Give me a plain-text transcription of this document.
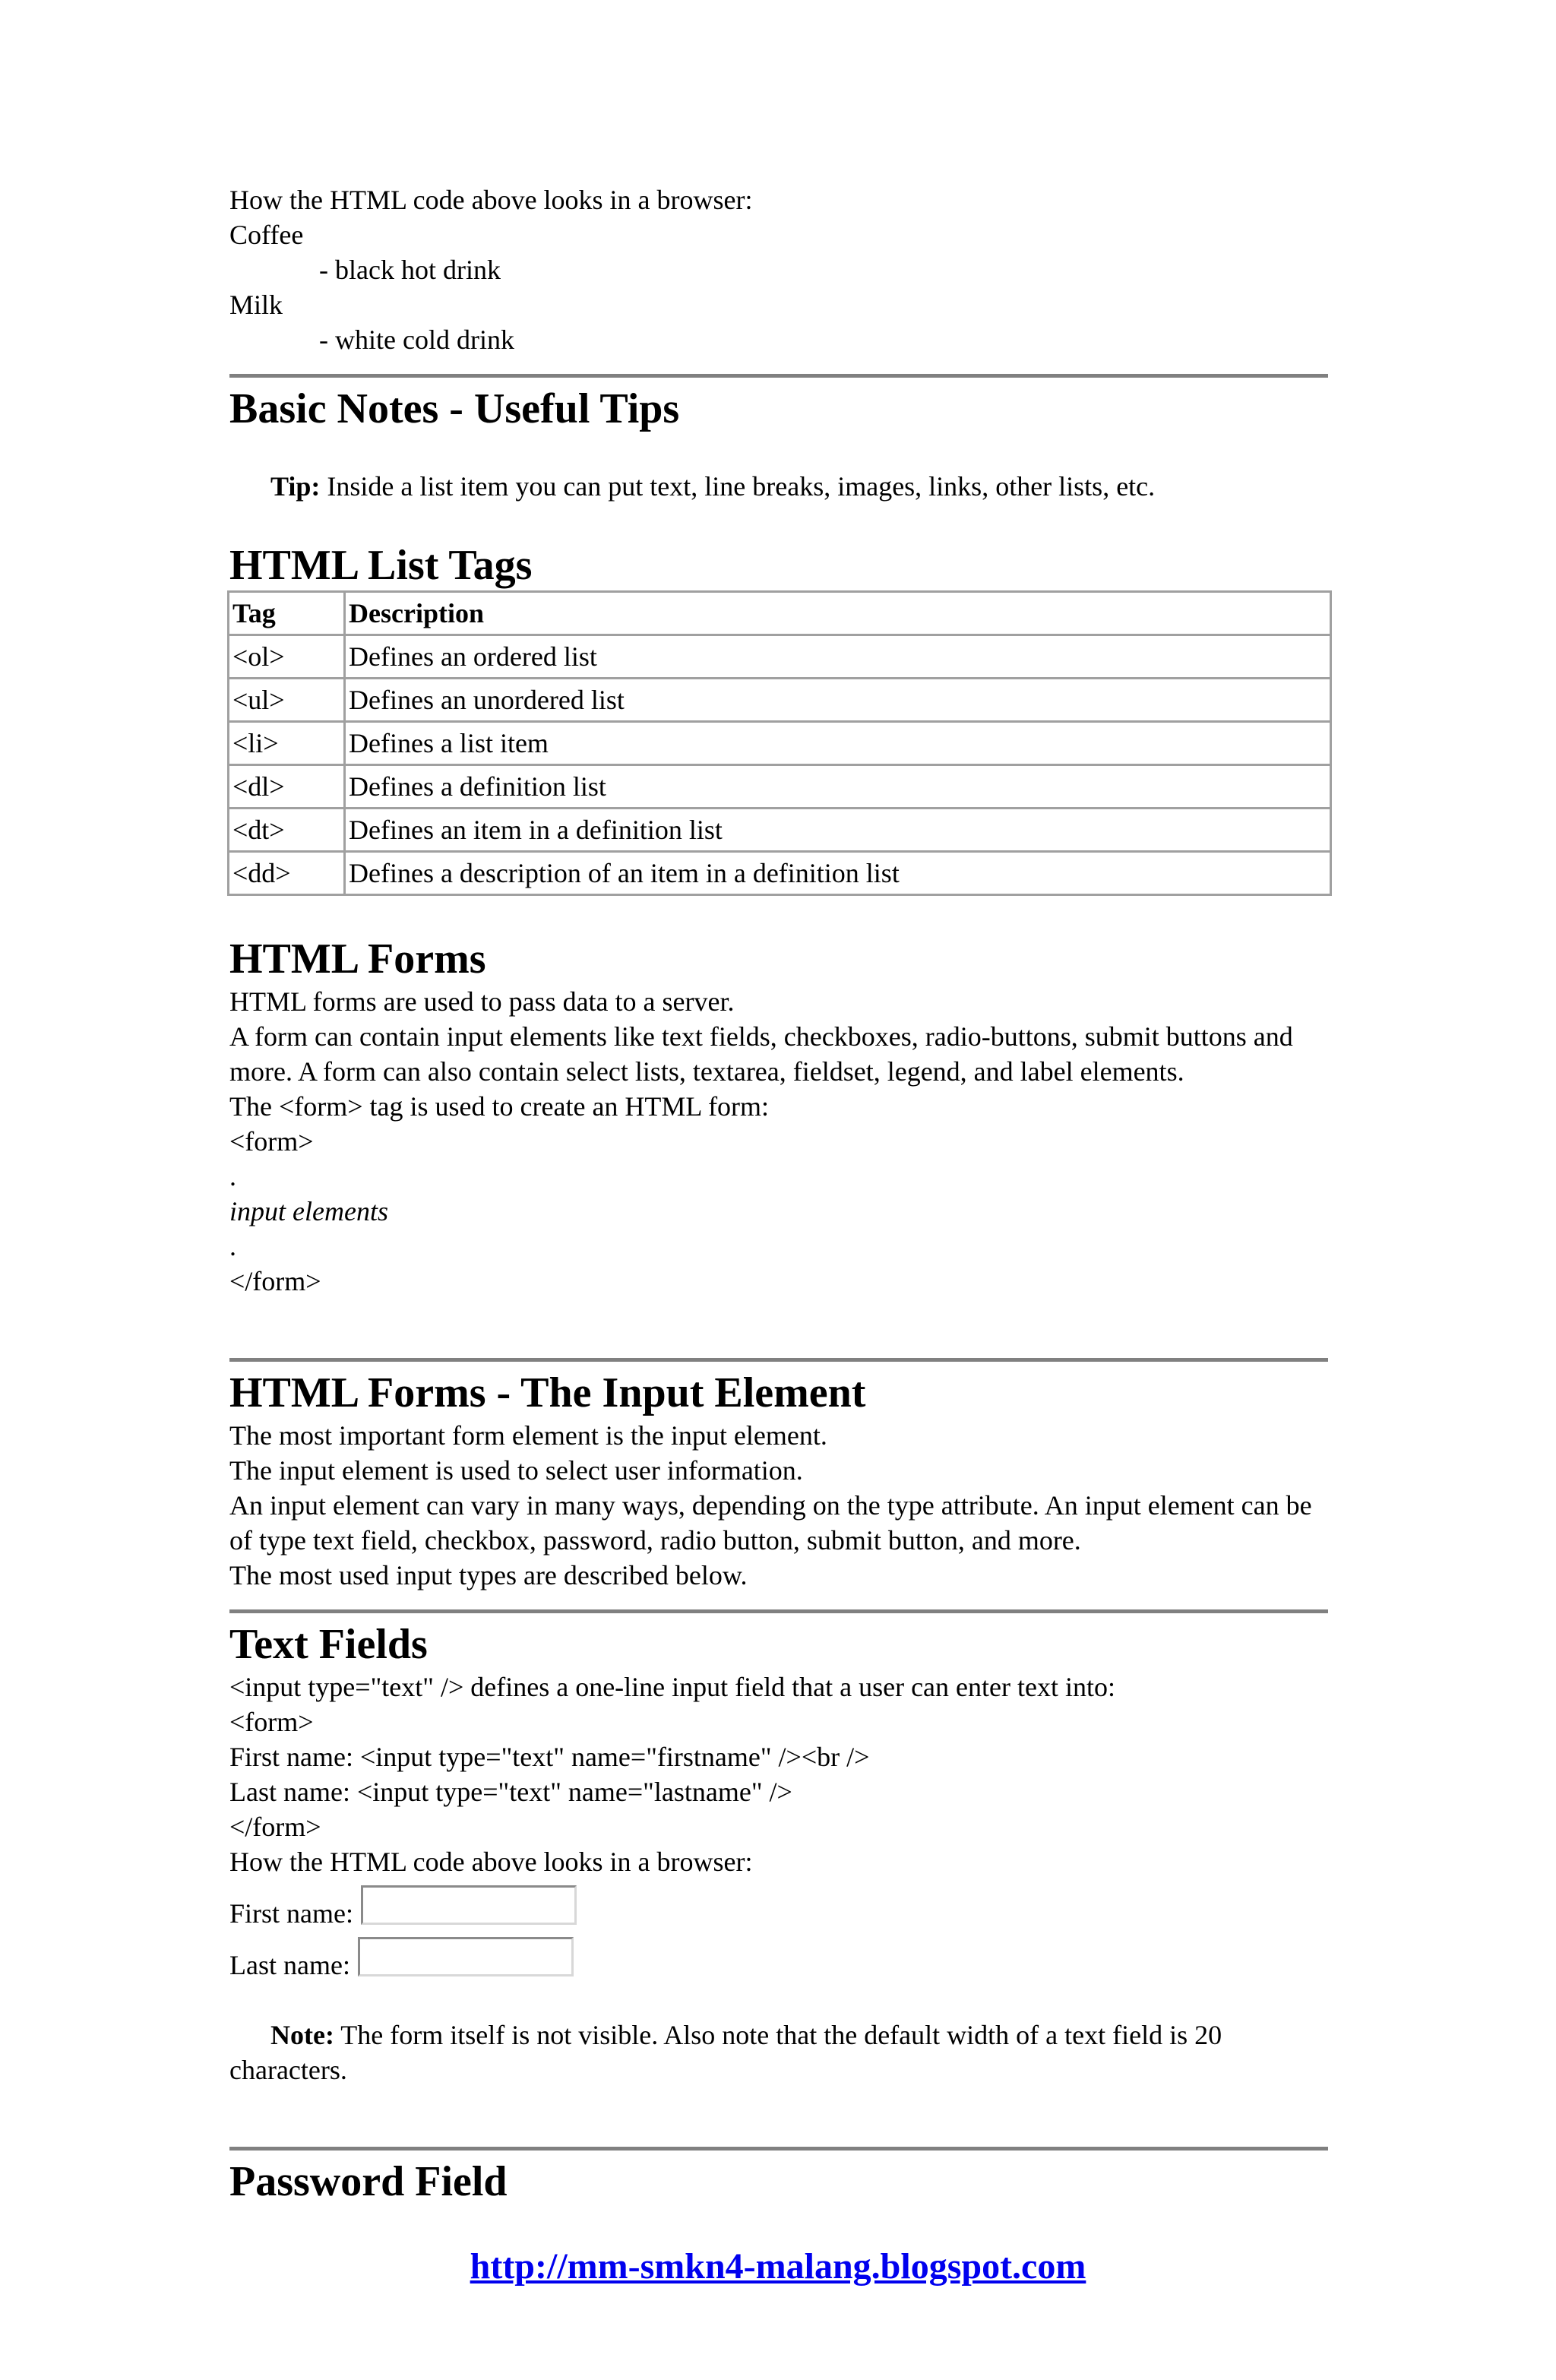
How the HTML code above looks in a browser:
Coffee
- black hot drink
Milk
- white cold drink
Basic Notes - Useful Tips

Tip: Inside a list item you can put text, line breaks, images, links, other lists, etc.

HTML List Tags
Tag	Description
<ol>	Defines an ordered list
<ul>	Defines an unordered list
<li>	Defines a list item
<dl>	Defines a definition list
<dt>	Defines an item in a definition list
<dd>	Defines a description of an item in a definition list
HTML Forms
HTML forms are used to pass data to a server.
A form can contain input elements like text fields, checkboxes, radio-buttons, submit buttons and more. A form can also contain select lists, textarea, fieldset, legend, and label elements.
The <form> tag is used to create an HTML form:
<form>
.
input elements
.
</form>
HTML Forms - The Input Element
The most important form element is the input element.
The input element is used to select user information.
An input element can vary in many ways, depending on the type attribute. An input element can be of type text field, checkbox, password, radio button, submit button, and more.
The most used input types are described below.
Text Fields
<input type="text" /> defines a one-line input field that a user can enter text into:
<form>
First name: <input type="text" name="firstname" /><br />
Last name: <input type="text" name="lastname" />
</form>
How the HTML code above looks in a browser:
First name:
Last name:

Note: The form itself is not visible. Also note that the default width of a text field is 20 characters.

Password Field
http://mm-smkn4-malang.blogspot.com
